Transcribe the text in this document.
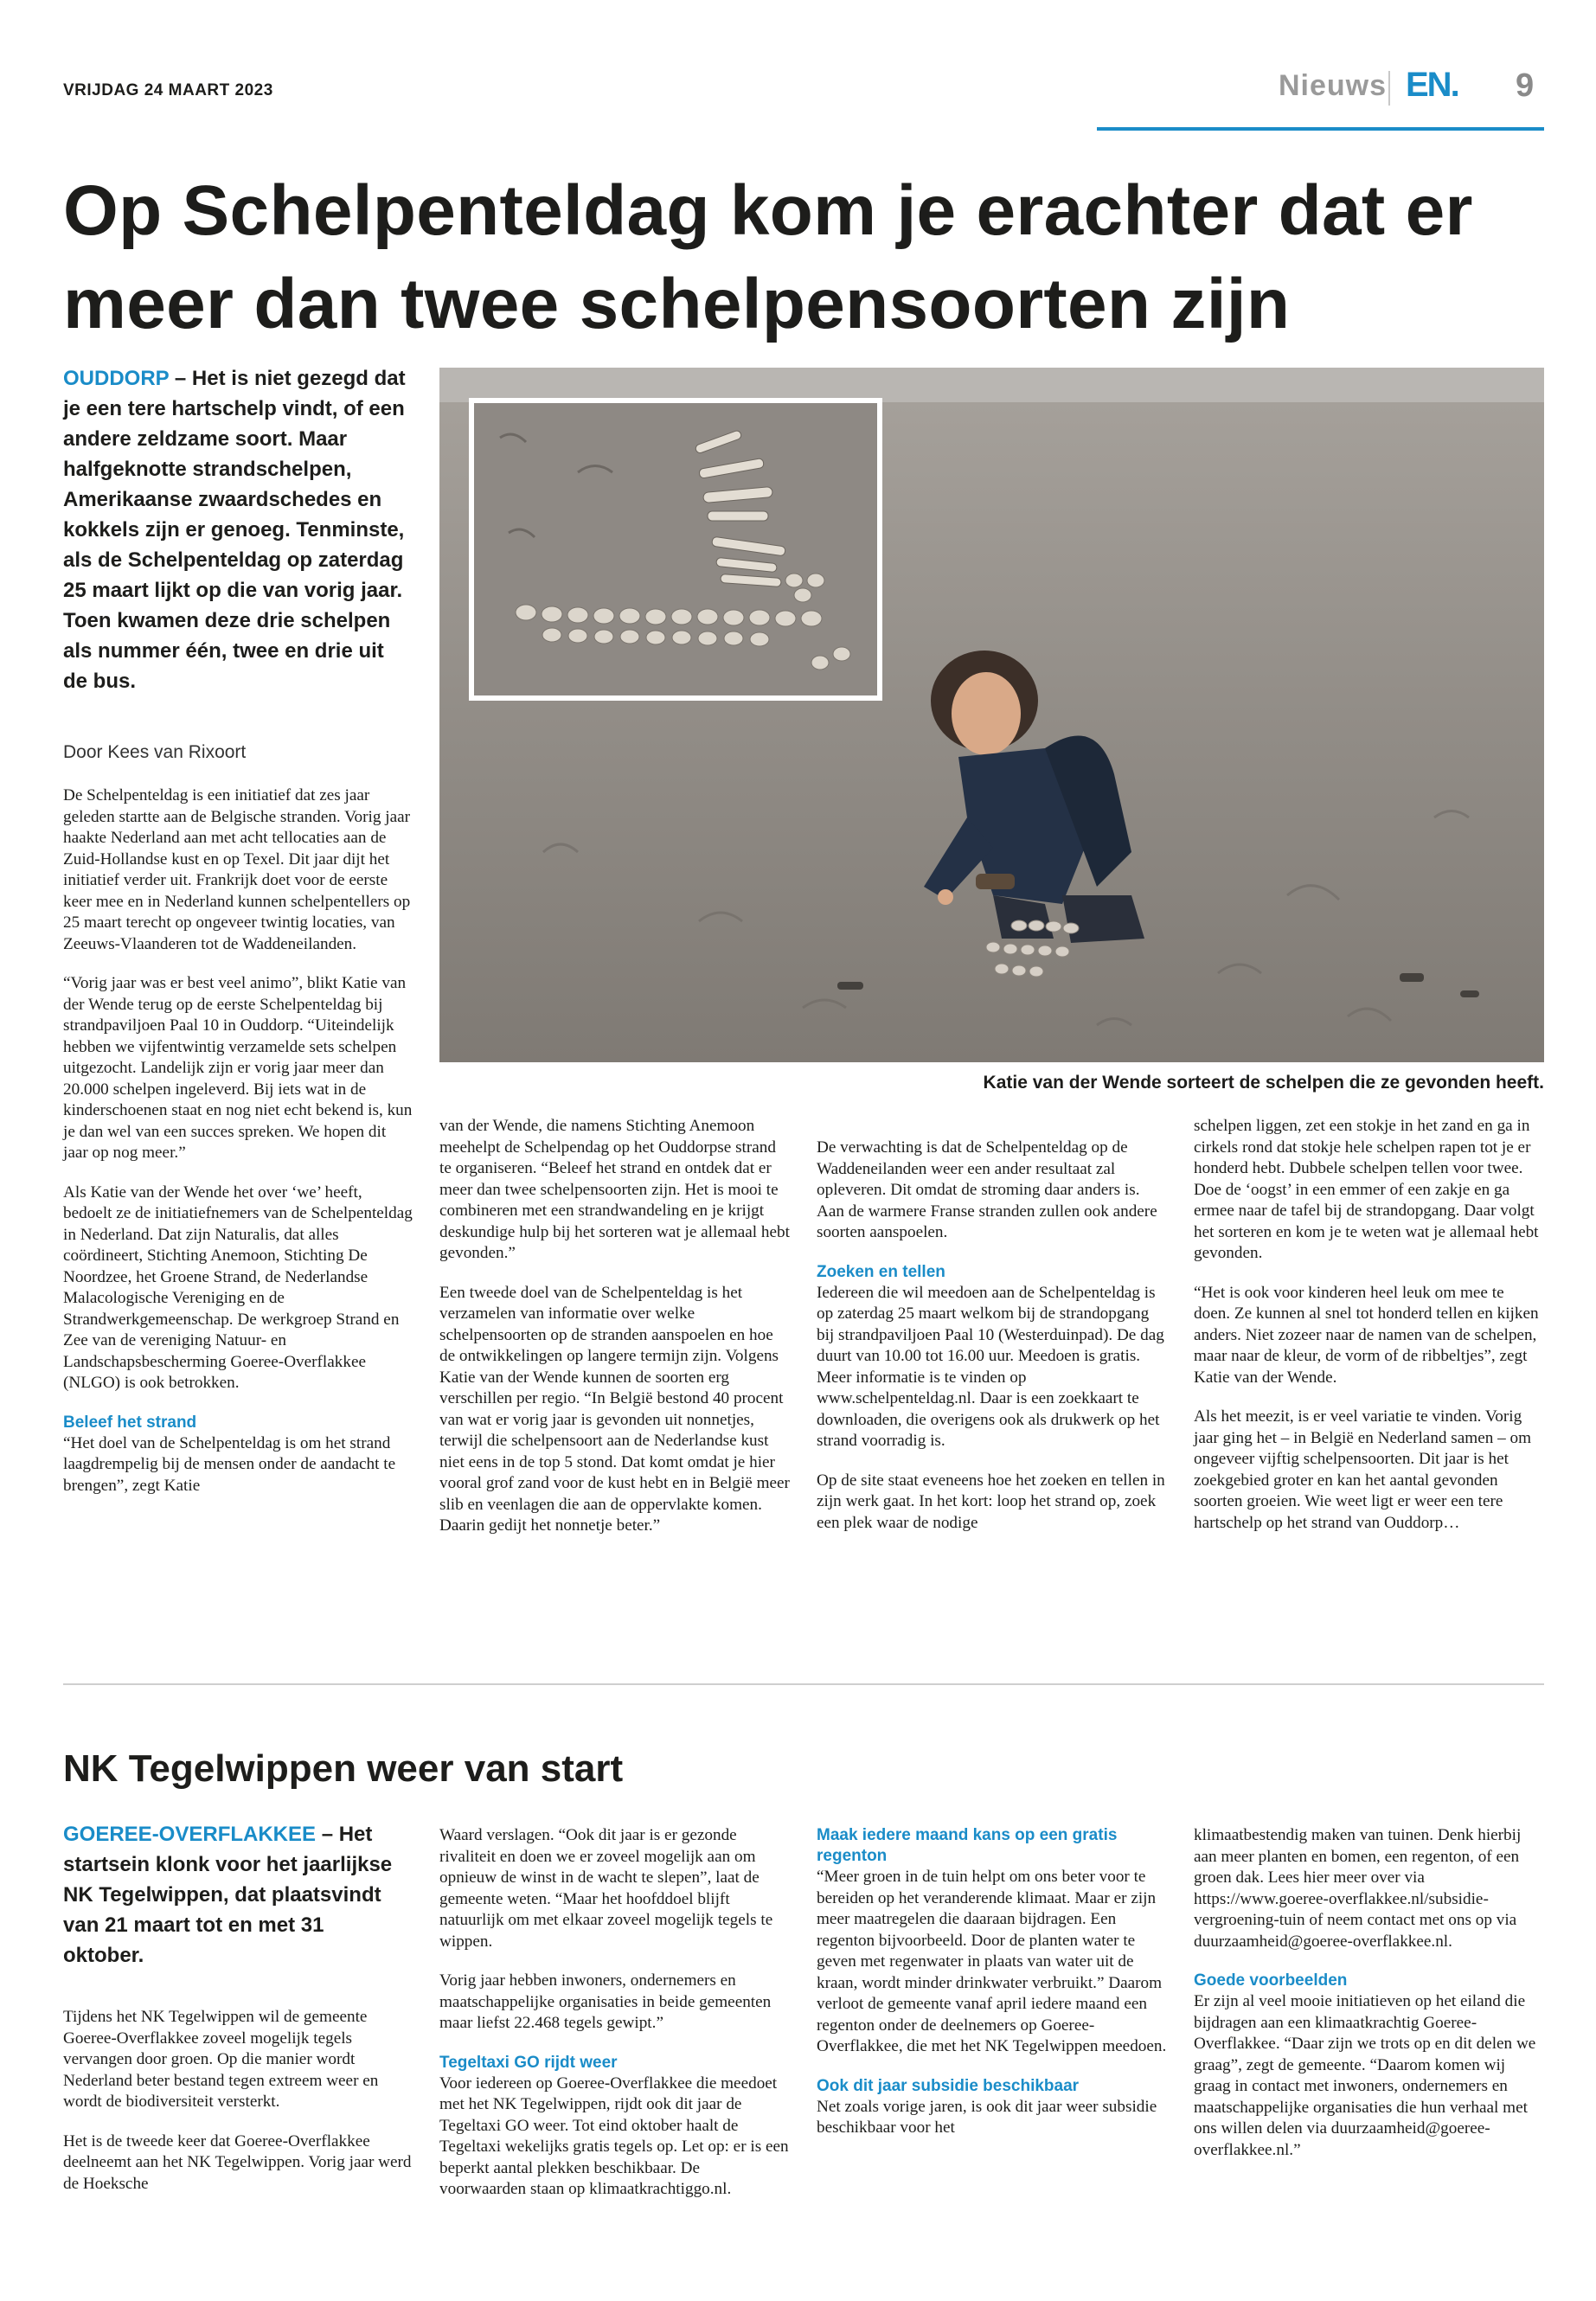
VRIJDAG 24 MAART 2023	Nieuws EN. 9
Op Schelpenteldag kom je erachter dat er meer dan twee schelpensoorten zijn
OUDDORP – Het is niet gezegd dat je een tere hartschelp vindt, of een andere zeldzame soort. Maar halfgeknotte strandschelpen, Amerikaanse zwaardschedes en kokkels zijn er genoeg. Tenminste, als de Schelpenteldag op zaterdag 25 maart lijkt op die van vorig jaar. Toen kwamen deze drie schelpen als nummer één, twee en drie uit de bus.
Door Kees van Rixoort

De Schelpenteldag is een initiatief dat zes jaar geleden startte aan de Belgische stranden. Vorig jaar haakte Nederland aan met acht tellocaties aan de Zuid-Hollandse kust en op Texel. Dit jaar dijt het initiatief verder uit. Frankrijk doet voor de eerste keer mee en in Nederland kunnen schelpentellers op 25 maart terecht op ongeveer twintig locaties, van Zeeuws-Vlaanderen tot de Waddeneilanden.

“Vorig jaar was er best veel animo”, blikt Katie van der Wende terug op de eerste Schelpenteldag bij strandpaviljoen Paal 10 in Ouddorp. “Uiteindelijk hebben we vijfentwintig verzamelde sets schelpen uitgezocht. Landelijk zijn er vorig jaar meer dan 20.000 schelpen ingeleverd. Bij iets wat in de kinderschoenen staat en nog niet echt bekend is, kun je dan wel van een succes spreken. We hopen dit jaar op nog meer.”

Als Katie van der Wende het over ‘we’ heeft, bedoelt ze de initiatiefnemers van de Schelpenteldag in Nederland. Dat zijn Naturalis, dat alles coördineert, Stichting Anemoon, Stichting De Noordzee, het Groene Strand, de Nederlandse Malacologische Vereniging en de Strandwerkgemeenschap. De werkgroep Strand en Zee van de vereniging Natuur- en Landschapsbescherming Goeree-Overflakkee (NLGO) is ook betrokken.

Beleef het strand

“Het doel van de Schelpenteldag is om het strand laagdrempelig bij de mensen onder de aandacht te brengen”, zegt Katie

Katie van der Wende sorteert de schelpen die ze gevonden heeft.

van der Wende, die namens Stichting Anemoon meehelpt de Schelpendag op het Ouddorpse strand te organiseren. “Beleef het strand en ontdek dat er meer dan twee schelpensoorten zijn. Het is mooi te combineren met een strandwandeling en je krijgt deskundige hulp bij het sorteren wat je allemaal hebt gevonden.”

Een tweede doel van de Schelpenteldag is het verzamelen van informatie over welke schelpensoorten op de stranden aanspoelen en hoe de ontwikkelingen op langere termijn zijn. Volgens Katie van der Wende kunnen de soorten erg verschillen per regio. “In België bestond 40 procent van wat er vorig jaar is gevonden uit nonnetjes, terwijl die schelpensoort aan de Nederlandse kust niet eens in de top 5 stond. Dat komt omdat je hier vooral grof zand voor de kust hebt en in België meer slib en veenlagen die aan de oppervlakte komen. Daarin gedijt het nonnetje beter.”

De verwachting is dat de Schelpenteldag op de Waddeneilanden weer een ander resultaat zal opleveren. Dit omdat de stroming daar anders is. Aan de warmere Franse stranden zullen ook andere soorten aanspoelen.

Zoeken en tellen

Iedereen die wil meedoen aan de Schelpenteldag is op zaterdag 25 maart welkom bij de strandopgang bij strandpaviljoen Paal 10 (Westerduinpad). De dag duurt van 10.00 tot 16.00 uur. Meedoen is gratis. Meer informatie is te vinden op www.schelpenteldag.nl. Daar is een zoekkaart te downloaden, die overigens ook als drukwerk op het strand voorradig is.

Op de site staat eveneens hoe het zoeken en tellen in zijn werk gaat. In het kort: loop het strand op, zoek een plek waar de nodige

schelpen liggen, zet een stokje in het zand en ga in cirkels rond dat stokje hele schelpen rapen tot je er honderd hebt. Dubbele schelpen tellen voor twee. Doe de ‘oogst’ in een emmer of een zakje en ga ermee naar de tafel bij de strandopgang. Daar volgt het sorteren en kom je te weten wat je allemaal hebt gevonden.

“Het is ook voor kinderen heel leuk om mee te doen. Ze kunnen al snel tot honderd tellen en kijken anders. Niet zozeer naar de namen van de schelpen, maar naar de kleur, de vorm of de ribbeltjes”, zegt Katie van der Wende.

Als het meezit, is er veel variatie te vinden. Vorig jaar ging het – in België en Nederland samen – om ongeveer vijftig schelpensoorten. Dit jaar is het zoekgebied groter en kan het aantal gevonden soorten groeien. Wie weet ligt er weer een tere hartschelp op het strand van Ouddorp…

NK Tegelwippen weer van start
GOEREE-OVERFLAKKEE – Het startsein klonk voor het jaarlijkse NK Tegelwippen, dat plaatsvindt van 21 maart tot en met 31 oktober.

Tijdens het NK Tegelwippen wil de gemeente Goeree-Overflakkee zoveel mogelijk tegels vervangen door groen. Op die manier wordt Nederland beter bestand tegen extreem weer en wordt de biodiversiteit versterkt.

Het is de tweede keer dat Goeree-Overflakkee deelneemt aan het NK Tegelwippen. Vorig jaar werd de Hoeksche

Waard verslagen. “Ook dit jaar is er gezonde rivaliteit en doen we er zoveel mogelijk aan om opnieuw de winst in de wacht te slepen”, laat de gemeente weten. “Maar het hoofddoel blijft natuurlijk om met elkaar zoveel mogelijk tegels te wippen.

Vorig jaar hebben inwoners, ondernemers en maatschappelijke organisaties in beide gemeenten maar liefst 22.468 tegels gewipt.”

Tegeltaxi GO rijdt weer

Voor iedereen op Goeree-Overflakkee die meedoet met het NK Tegelwippen, rijdt ook dit jaar de Tegeltaxi GO weer. Tot eind oktober haalt de Tegeltaxi wekelijks gratis tegels op. Let op: er is een beperkt aantal plekken beschikbaar. De voorwaarden staan op klimaatkrachtiggo.nl.

Maak iedere maand kans op een gratis regenton

“Meer groen in de tuin helpt om ons beter voor te bereiden op het veranderende klimaat. Maar er zijn meer maatregelen die daaraan bijdragen. Een regenton bijvoorbeeld. Door de planten water te geven met regenwater in plaats van water uit de kraan, wordt minder drinkwater verbruikt.” Daarom verloot de gemeente vanaf april iedere maand een regenton onder de deelnemers op Goeree-Overflakkee, die met het NK Tegelwippen meedoen.

Ook dit jaar subsidie beschikbaar

Net zoals vorige jaren, is ook dit jaar weer subsidie beschikbaar voor het

klimaatbestendig maken van tuinen. Denk hierbij aan meer planten en bomen, een regenton, of een groen dak. Lees hier meer over via https://www.goeree-overflakkee.nl/subsidie-vergroening-tuin of neem contact met ons op via duurzaamheid@goeree-overflakkee.nl.

Goede voorbeelden

Er zijn al veel mooie initiatieven op het eiland die bijdragen aan een klimaatkrachtig Goeree-Overflakkee. “Daar zijn we trots op en dit delen we graag”, zegt de gemeente. “Daarom komen wij graag in contact met inwoners, ondernemers en maatschappelijke organisaties die hun verhaal met ons willen delen via duurzaamheid@goeree-overflakkee.nl.”
